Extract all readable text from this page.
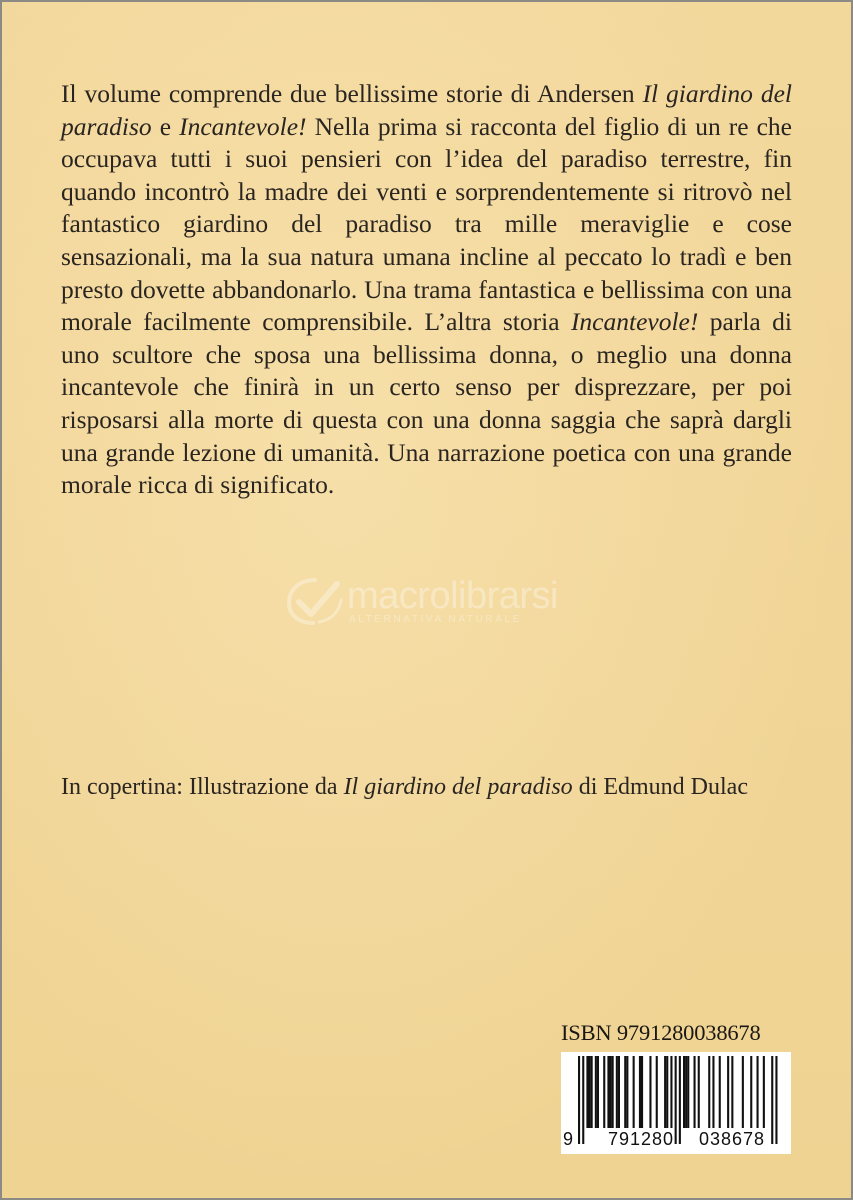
Il volume comprende due bellissime storie di Andersen Il giardino del paradiso e Incantevole! Nella prima si racconta del figlio di un re che occupava tutti i suoi pensieri con l’idea del paradiso terrestre, fin quando incontrò la madre dei venti e sorprendentemente si ritrovò nel fantastico giardino del paradiso tra mille meraviglie e cose sensazionali, ma la sua natura umana incline al peccato lo tradì e ben presto dovette abbandonarlo. Una trama fantastica e bellissima con una morale facilmente comprensibile. L’altra storia Incantevole! parla di uno scultore che sposa una bellissima donna, o meglio una donna incantevole che finirà in un certo senso per disprezzare, per poi risposarsi alla morte di questa con una donna saggia che saprà dargli una grande lezione di umanità. Una narrazione poetica con una grande morale ricca di significato.

macrolibrarsi
ALTERNATIVA NATURALE

In copertina: Illustrazione da Il giardino del paradiso di Edmund Dulac

ISBN 9791280038678
9 791280 038678
